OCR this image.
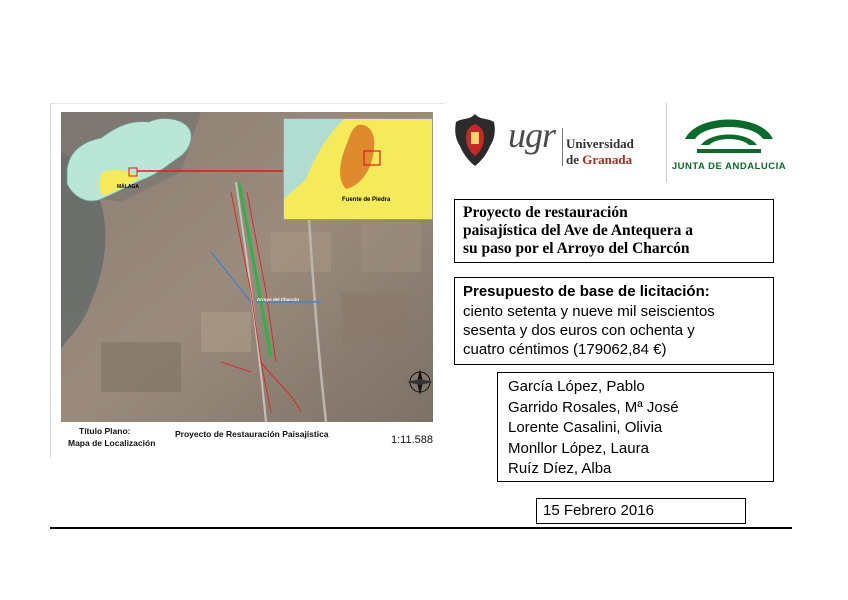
MÁLAGA
Fuente de Piedra
Arroyo del Charcón
Título Plano:
Mapa de Localización
Proyecto de Restauración Paisajística	1:11.588
ugr Universidad
de Granada	JUNTA DE ANDALUCIA
Proyecto de restauración
paisajística del Ave de Antequera a
su paso por el Arroyo del Charcón
Presupuesto de base de licitación:
ciento setenta y nueve mil seiscientos
sesenta y dos euros con ochenta y
cuatro céntimos (179062,84 €)
García López, Pablo
Garrido Rosales, Mª José
Lorente Casalini, Olivia
Monllor López, Laura
Ruíz Díez, Alba
15 Febrero 2016
